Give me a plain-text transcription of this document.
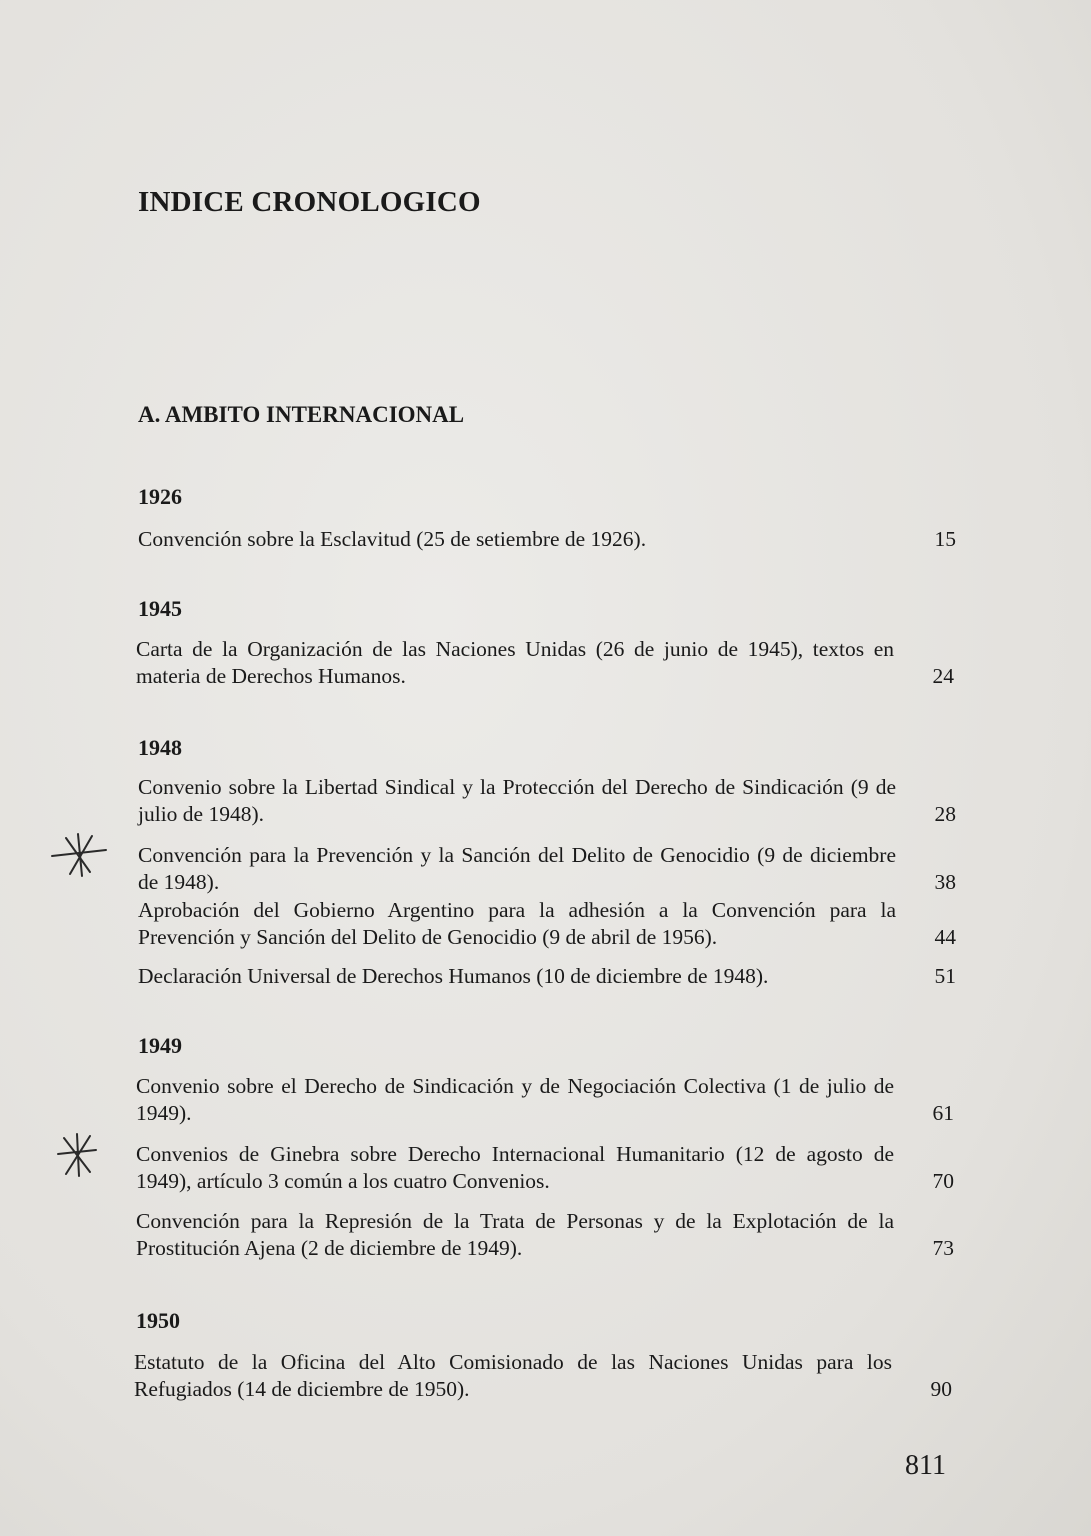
INDICE CRONOLOGICO
A. AMBITO INTERNACIONAL
1926
Convención sobre la Esclavitud (25 de setiembre de 1926).	15
1945
Carta de la Organización de las Naciones Unidas (26 de junio de 1945), textos en materia de Derechos Humanos.	24
1948
Convenio sobre la Libertad Sindical y la Protección del Derecho de Sindicación (9 de julio de 1948).	28
Convención para la Prevención y la Sanción del Delito de Genocidio (9 de diciembre de 1948).	38
Aprobación del Gobierno Argentino para la adhesión a la Convención para la Prevención y Sanción del Delito de Genocidio (9 de abril de 1956).	44
Declaración Universal de Derechos Humanos (10 de diciembre de 1948).	51
1949
Convenio sobre el Derecho de Sindicación y de Negociación Colectiva (1 de julio de 1949).	61
Convenios de Ginebra sobre Derecho Internacional Humanitario (12 de agosto de 1949), artículo 3 común a los cuatro Convenios.	70
Convención para la Represión de la Trata de Personas y de la Explotación de la Prostitución Ajena (2 de diciembre de 1949).	73
1950
Estatuto de la Oficina del Alto Comisionado de las Naciones Unidas para los Refugiados (14 de diciembre de 1950).	90
811
